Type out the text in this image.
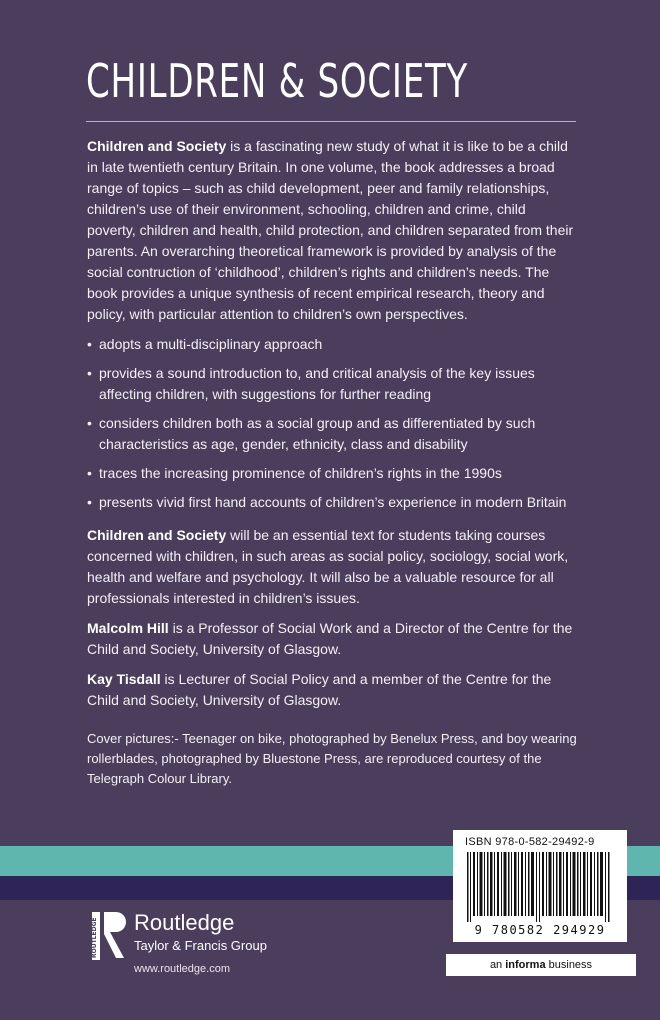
CHILDREN & SOCIETY

Children and Society is a fascinating new study of what it is like to be a child in late twentieth century Britain. In one volume, the book addresses a broad range of topics – such as child development, peer and family relationships, children’s use of their environment, schooling, children and crime, child poverty, children and health, child protection, and children separated from their parents. An overarching theoretical framework is provided by analysis of the social contruction of ‘childhood’, children’s rights and children’s needs. The book provides a unique synthesis of recent empirical research, theory and policy, with particular attention to children’s own perspectives.

• adopts a multi-disciplinary approach
• provides a sound introduction to, and critical analysis of the key issues affecting children, with suggestions for further reading
• considers children both as a social group and as differentiated by such characteristics as age, gender, ethnicity, class and disability
• traces the increasing prominence of children’s rights in the 1990s
• presents vivid first hand accounts of children’s experience in modern Britain

Children and Society will be an essential text for students taking courses concerned with children, in such areas as social policy, sociology, social work, health and welfare and psychology. It will also be a valuable resource for all professionals interested in children’s issues.

Malcolm Hill is a Professor of Social Work and a Director of the Centre for the Child and Society, University of Glasgow.

Kay Tisdall is Lecturer of Social Policy and a member of the Centre for the Child and Society, University of Glasgow.

Cover pictures:- Teenager on bike, photographed by Benelux Press, and boy wearing rollerblades, photographed by Bluestone Press, are reproduced courtesy of the Telegraph Colour Library.

ISBN 978-0-582-29492-9
9 780582 294929
an informa business
ROUTLEDGE Routledge
Taylor & Francis Group
www.routledge.com
